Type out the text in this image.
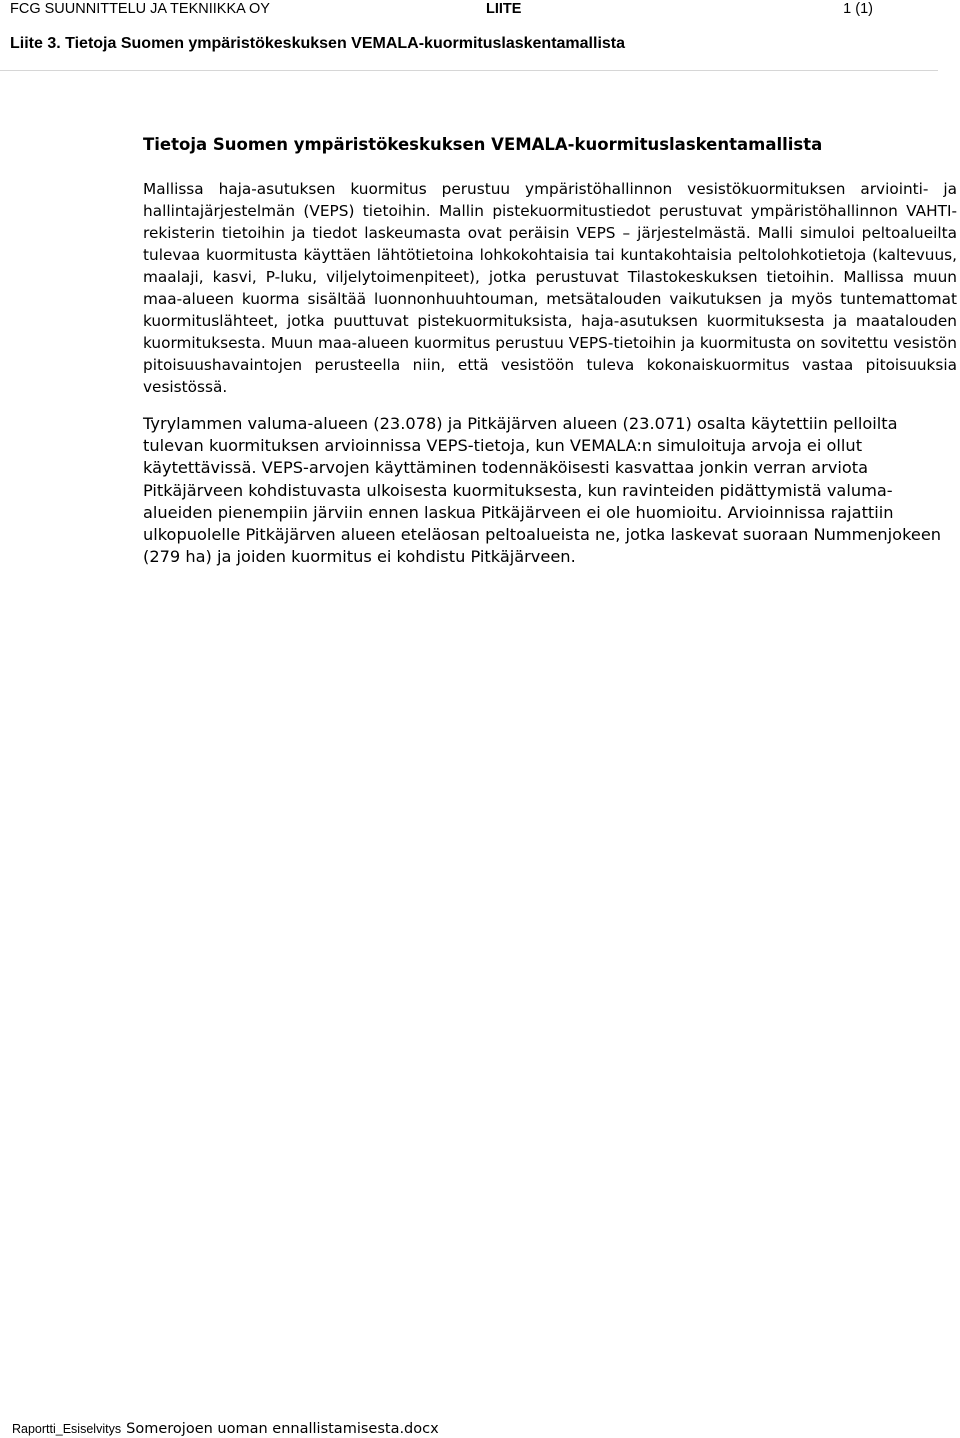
FCG SUUNNITTELU JA TEKNIIKKA OY	LIITE	1 (1)
Liite 3. Tietoja Suomen ympäristökeskuksen VEMALA-kuormituslaskentamallista
Tietoja Suomen ympäristökeskuksen VEMALA-kuormituslaskentamallista

Mallissa haja-asutuksen kuormitus perustuu ympäristöhallinnon vesistökuormituksen arviointi- ja hallintajärjestelmän (VEPS) tietoihin. Mallin pistekuormitustiedot perustuvat ympäristöhallinnon VAHTI-rekisterin tietoihin ja tiedot laskeumasta ovat peräisin VEPS – järjestelmästä. Malli simuloi peltoalueilta tulevaa kuormitusta käyttäen lähtötietoina lohkokohtaisia tai kuntakohtaisia peltolohkotietoja (kaltevuus, maalaji, kasvi, P-luku, viljelytoimenpiteet), jotka perustuvat Tilastokeskuksen tietoihin. Mallissa muun maa-alueen kuorma sisältää luonnonhuuhtouman, metsätalouden vaikutuksen ja myös tuntemattomat kuormituslähteet, jotka puuttuvat pistekuormituksista, haja-asutuksen kuormituksesta ja maatalouden kuormituksesta. Muun maa-alueen kuormitus perustuu VEPS-tietoihin ja kuormitusta on sovitettu vesistön pitoisuushavaintojen perusteella niin, että vesistöön tuleva kokonaiskuormitus vastaa pitoisuuksia vesistössä.

Tyrylammen valuma-alueen (23.078) ja Pitkäjärven alueen (23.071) osalta käytettiin pelloilta tulevan kuormituksen arvioinnissa VEPS-tietoja, kun VEMALA:n simuloituja arvoja ei ollut käytettävissä. VEPS-arvojen käyttäminen todennäköisesti kasvattaa jonkin verran arviota Pitkäjärveen kohdistuvasta ulkoisesta kuormituksesta, kun ravinteiden pidättymistä valuma-alueiden pienempiin järviin ennen laskua Pitkäjärveen ei ole huomioitu. Arvioinnissa rajattiin ulkopuolelle Pitkäjärven alueen eteläosan peltoalueista ne, jotka laskevat suoraan Nummenjokeen (279 ha) ja joiden kuormitus ei kohdistu Pitkäjärveen.

Raportti_Esiselvitys Somerojoen uoman ennallistamisesta.docx
